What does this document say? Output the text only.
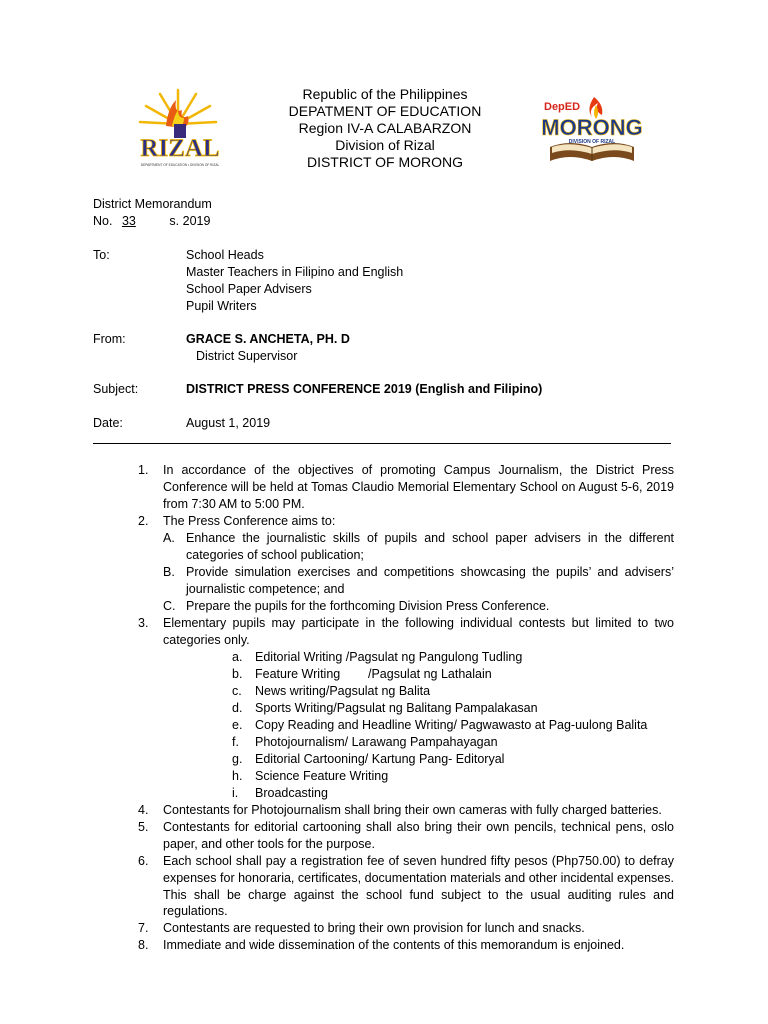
RIZAL
DEPARTMENT OF EDUCATION • DIVISION OF RIZAL
Republic of the Philippines
DEPATMENT OF EDUCATION
Region IV-A CALABARZON
Division of Rizal
DISTRICT OF MORONG
DepED
MORONG
DIVISION OF RIZAL
District Memorandum
No. 33	s. 2019
To:	School Heads
Master Teachers in Filipino and English
School Paper Advisers
Pupil Writers
From:	GRACE S. ANCHETA, PH. D
District Supervisor
Subject:	DISTRICT PRESS CONFERENCE 2019 (English and Filipino)
Date:	August 1, 2019
1.	In accordance of the objectives of promoting Campus Journalism, the District Press Conference will be held at Tomas Claudio Memorial Elementary School on August 5-6, 2019 from 7:30 AM to 5:00 PM.
2.	The Press Conference aims to:
A. Enhance the journalistic skills of pupils and school paper advisers in the different categories of school publication;
B. Provide simulation exercises and competitions showcasing the pupils’ and advisers’ journalistic competence; and
C. Prepare the pupils for the forthcoming Division Press Conference.
3.	Elementary pupils may participate in the following individual contests but limited to two categories only.
a.	Editorial Writing /Pagsulat ng Pangulong Tudling
b.	Feature Writing        /Pagsulat ng Lathalain
c.	News writing/Pagsulat ng Balita
d.	Sports Writing/Pagsulat ng Balitang Pampalakasan
e.	Copy Reading and Headline Writing/ Pagwawasto at Pag-uulong Balita
f.	Photojournalism/ Larawang Pampahayagan
g.	Editorial Cartooning/ Kartung Pang- Editoryal
h.	Science Feature Writing
i.	Broadcasting
4.	Contestants for Photojournalism shall bring their own cameras with fully charged batteries.
5.	Contestants for editorial cartooning shall also bring their own pencils, technical pens, oslo paper, and other tools for the purpose.
6.	Each school shall pay a registration fee of seven hundred fifty pesos (Php750.00) to defray expenses for honoraria, certificates, documentation materials and other incidental expenses. This shall be charge against the school fund subject to the usual auditing rules and regulations.
7.	Contestants are requested to bring their own provision for lunch and snacks.
8.	Immediate and wide dissemination of the contents of this memorandum is enjoined.
